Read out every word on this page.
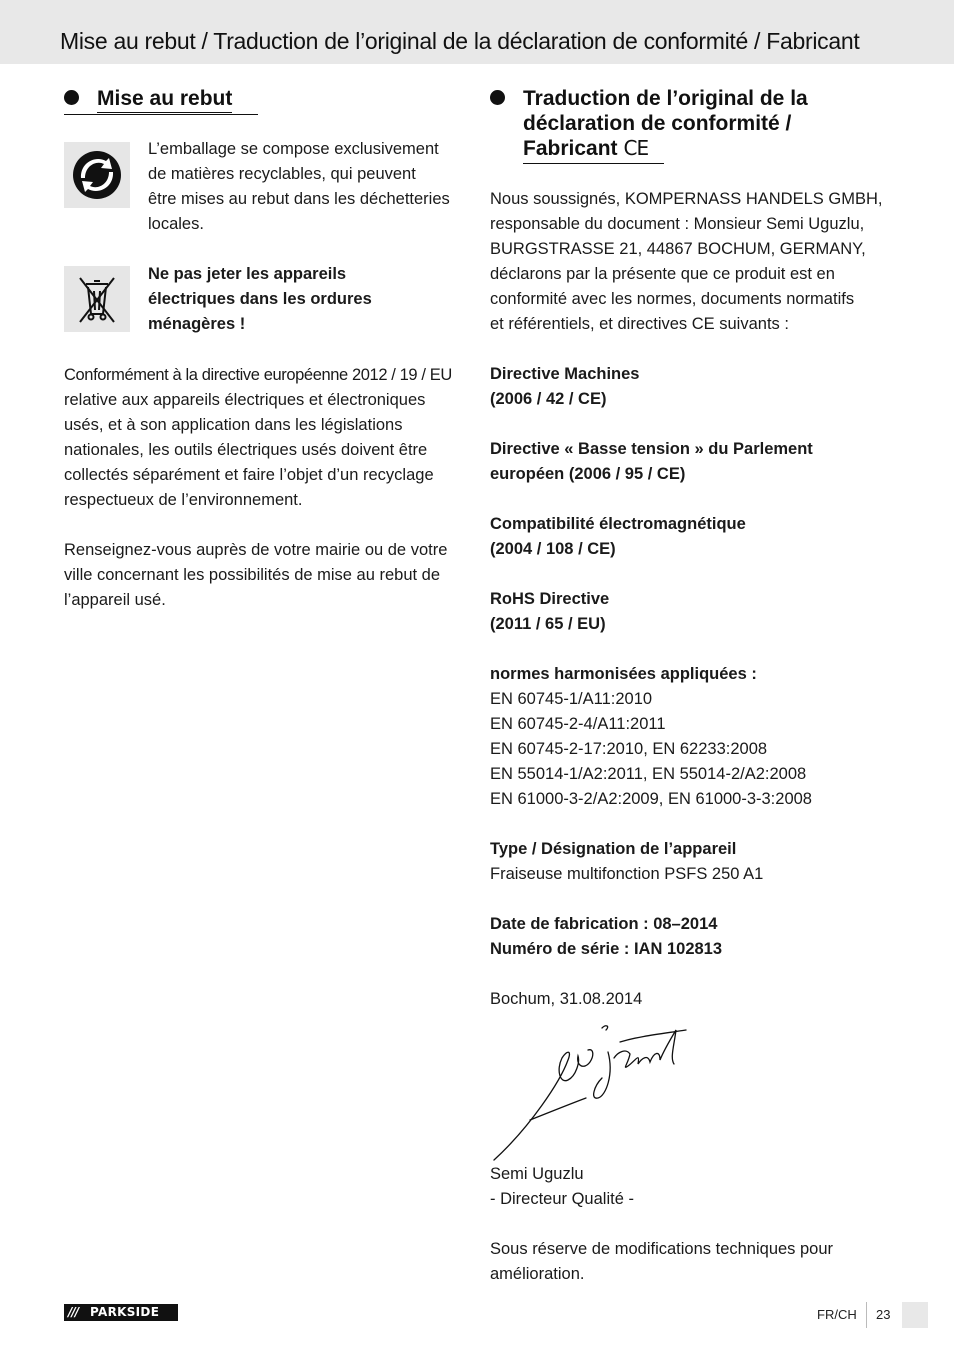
Mise au rebut / Traduction de l’original de la déclaration de conformité / Fabricant
Mise au rebut
L’emballage se compose exclusivement
de matières recyclables, qui peuvent
être mises au rebut dans les déchetteries
locales.
Ne pas jeter les appareils
électriques dans les ordures
ménagères !
Conformément à la directive européenne 2012 / 19 / EU
relative aux appareils électriques et électroniques
usés, et à son application dans les législations
nationales, les outils électriques usés doivent être
collectés séparément et faire l’objet d’un recyclage
respectueux de l’environnement.
Renseignez-vous auprès de votre mairie ou de votre
ville concernant les possibilités de mise au rebut de
l’appareil usé.
Traduction de l’original de la
déclaration de conformité /
Fabricant CE
Nous soussignés, KOMPERNASS HANDELS GMBH,
responsable du document : Monsieur Semi Uguzlu,
BURGSTRASSE 21, 44867 BOCHUM, GERMANY,
déclarons par la présente que ce produit est en
conformité avec les normes, documents normatifs
et référentiels, et directives CE suivants :
Directive Machines
(2006 / 42 / CE)
Directive « Basse tension » du Parlement
européen (2006 / 95 / CE)
Compatibilité électromagnétique
(2004 / 108 / CE)
RoHS Directive
(2011 / 65 / EU)
normes harmonisées appliquées :
EN 60745-1/A11:2010
EN 60745-2-4/A11:2011
EN 60745-2-17:2010, EN 62233:2008
EN 55014-1/A2:2011, EN 55014-2/A2:2008
EN 61000-3-2/A2:2009, EN 61000-3-3:2008
Type / Désignation de l’appareil
Fraiseuse multifonction PSFS 250 A1
Date de fabrication : 08–2014
Numéro de série : IAN 102813
Bochum, 31.08.2014
Semi Uguzlu
- Directeur Qualité -
Sous réserve de modifications techniques pour
amélioration.
/// PARKSIDE	FR/CH 23
